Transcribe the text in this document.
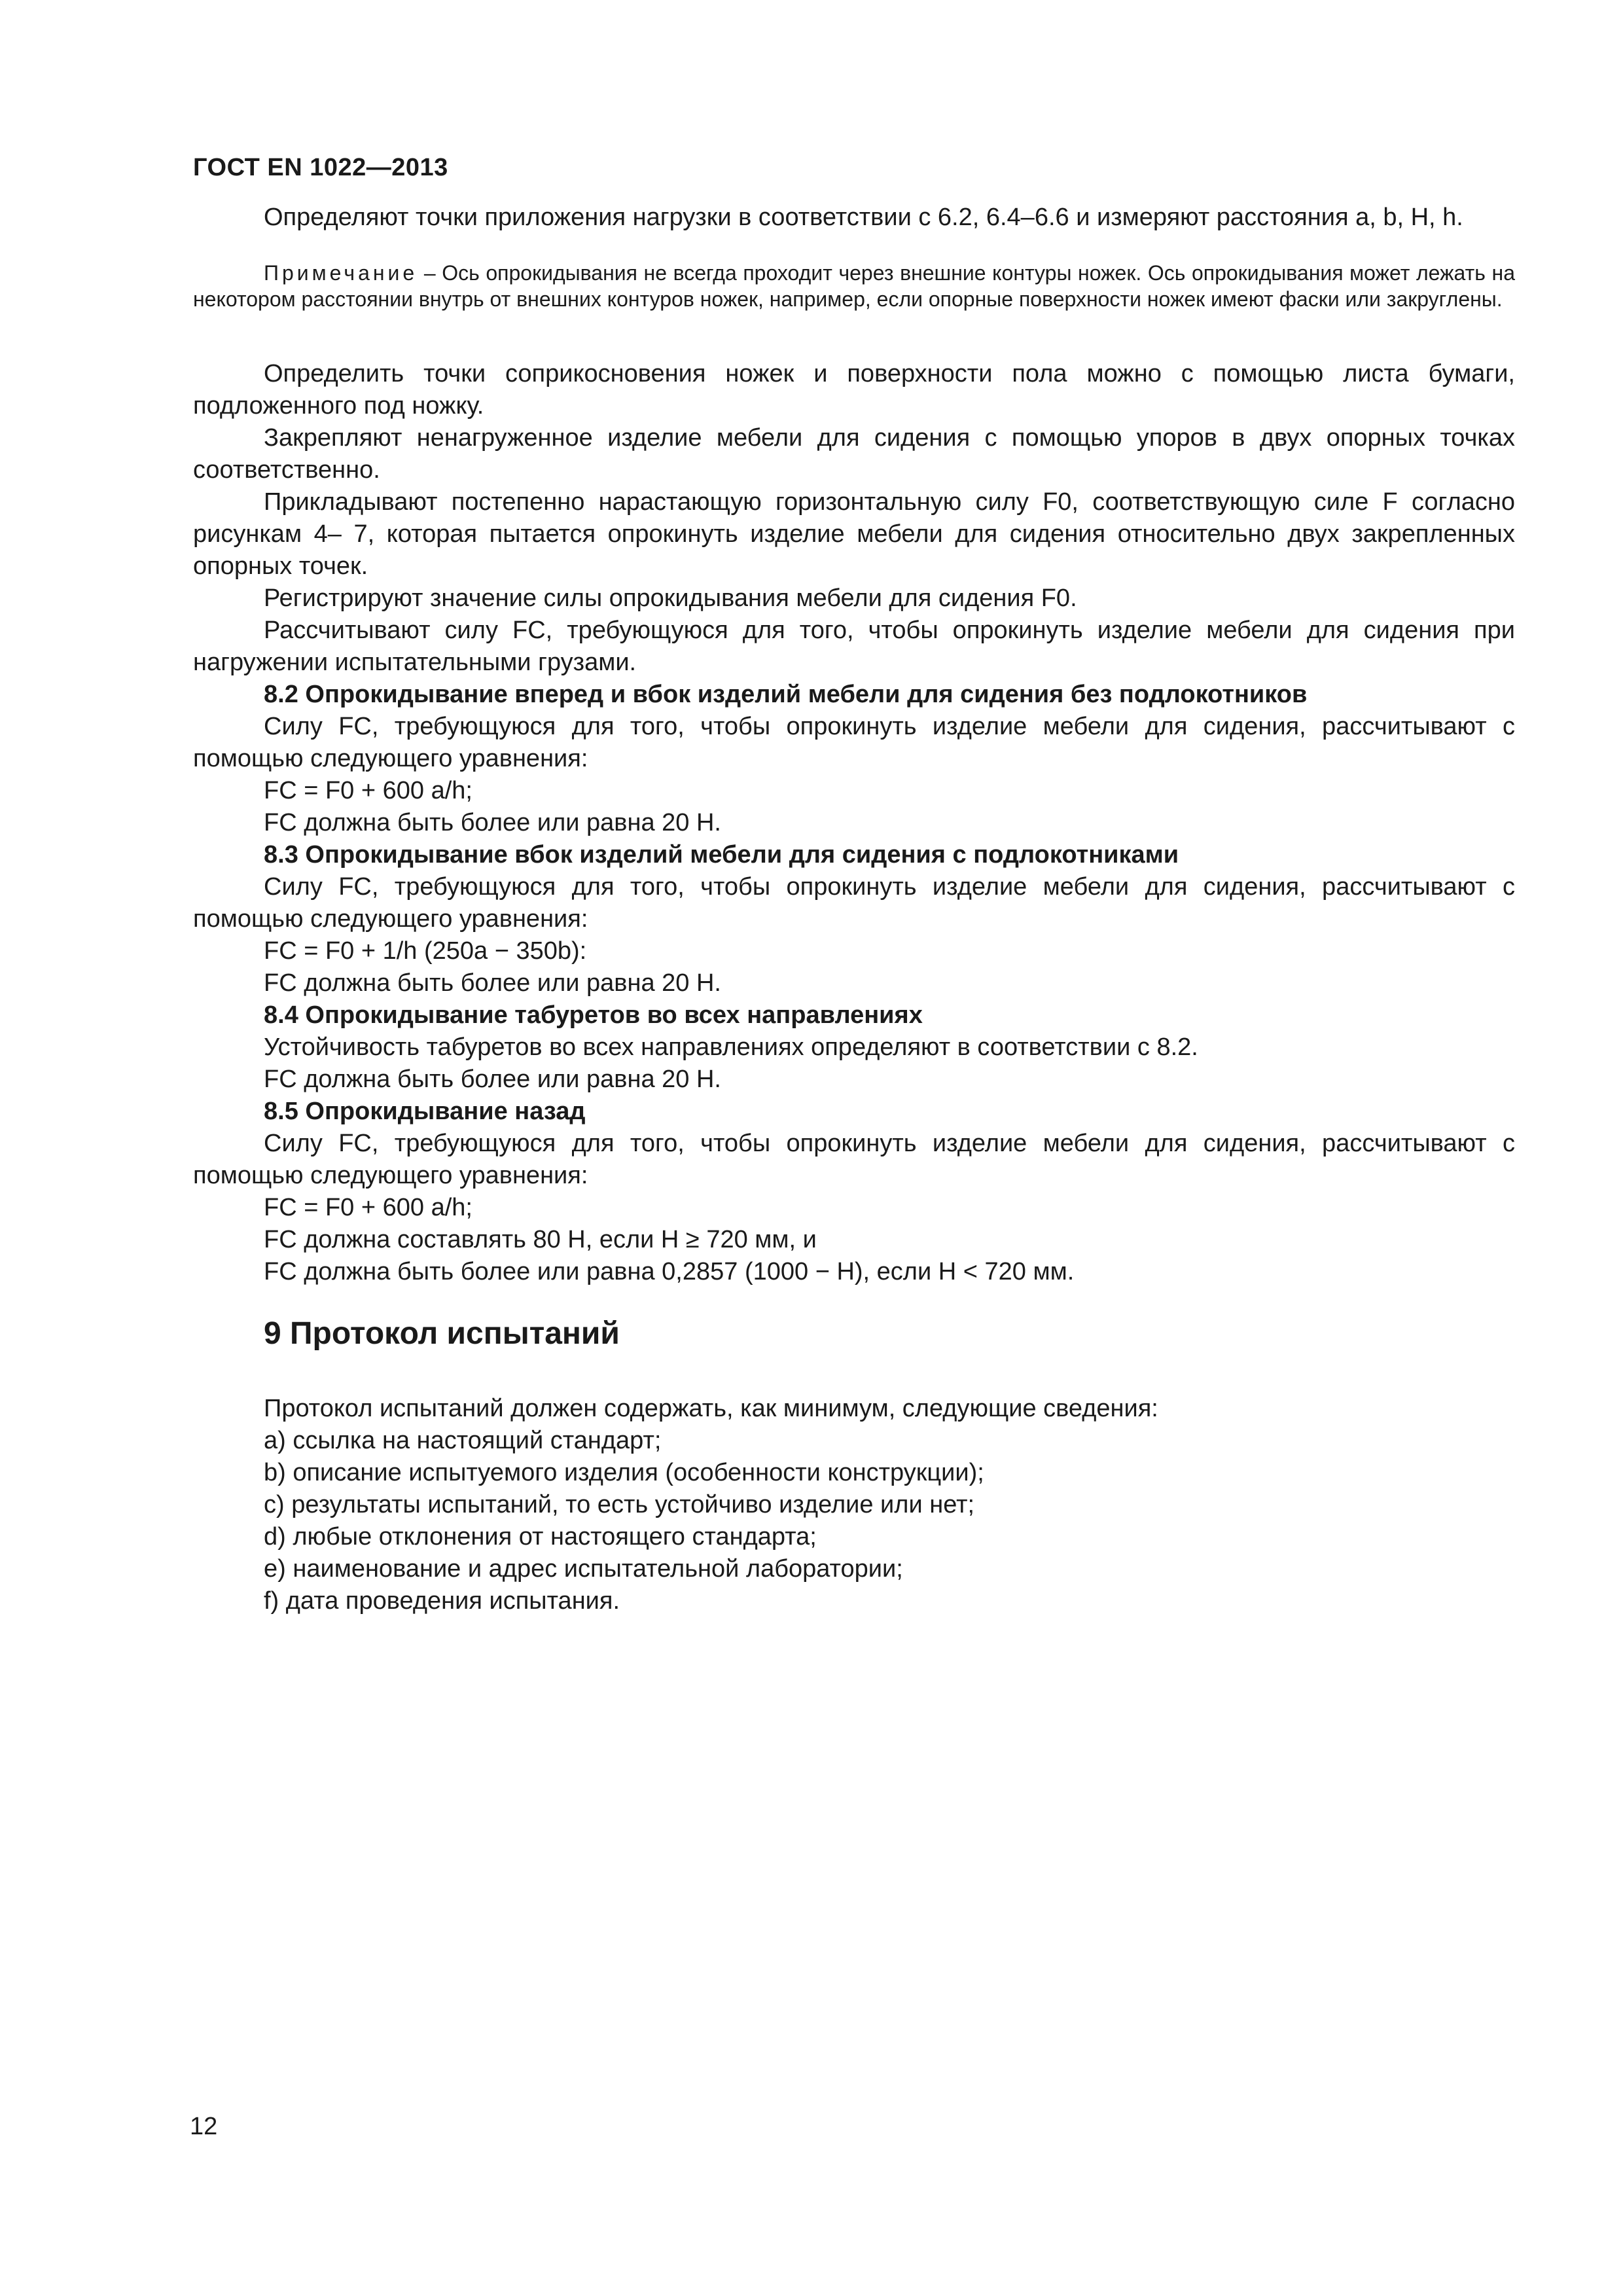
ГОСТ EN 1022—2013

Определяют точки приложения нагрузки в соответствии с 6.2, 6.4–6.6 и измеряют расстояния a, b, H, h.

Примечание – Ось опрокидывания не всегда проходит через внешние контуры ножек. Ось опрокидывания может лежать на некотором расстоянии внутрь от внешних контуров ножек, например, если опорные поверхности ножек имеют фаски или закруглены.

Определить точки соприкосновения ножек и поверхности пола можно с помощью листа бумаги, подложенного под ножку.

Закрепляют ненагруженное изделие мебели для сидения с помощью упоров в двух опорных точках соответственно.

Прикладывают постепенно нарастающую горизонтальную силу F0, соответствующую силе F согласно рисункам 4– 7, которая пытается опрокинуть изделие мебели для сидения относительно двух закрепленных опорных точек.

Регистрируют значение силы опрокидывания мебели для сидения F0.

Рассчитывают силу FC, требующуюся для того, чтобы опрокинуть изделие мебели для сидения при нагружении испытательными грузами.

8.2 Опрокидывание вперед и вбок изделий мебели для сидения без подлокотников

Силу FC, требующуюся для того, чтобы опрокинуть изделие мебели для сидения, рассчитывают с помощью следующего уравнения:

FC = F0 + 600 a/h;
FC должна быть более или равна 20 Н.
8.3 Опрокидывание вбок изделий мебели для сидения с подлокотниками

Силу FC, требующуюся для того, чтобы опрокинуть изделие мебели для сидения, рассчитывают с помощью следующего уравнения:

FC = F0 + 1/h (250a − 350b):
FC должна быть более или равна 20 Н.
8.4 Опрокидывание табуретов во всех направлениях
Устойчивость табуретов во всех направлениях определяют в соответствии с 8.2.
FC должна быть более или равна 20 Н.
8.5 Опрокидывание назад

Силу FC, требующуюся для того, чтобы опрокинуть изделие мебели для сидения, рассчитывают с помощью следующего уравнения:

FC = F0 + 600 a/h;
FC должна составлять 80 Н, если H ≥ 720 мм, и
FC должна быть более или равна 0,2857 (1000 − H), если H < 720 мм.
9 Протокол испытаний
Протокол испытаний должен содержать, как минимум, следующие сведения:
a) ссылка на настоящий стандарт;
b) описание испытуемого изделия (особенности конструкции);
c) результаты испытаний, то есть устойчиво изделие или нет;
d) любые отклонения от настоящего стандарта;
e) наименование и адрес испытательной лаборатории;
f) дата проведения испытания.
12
